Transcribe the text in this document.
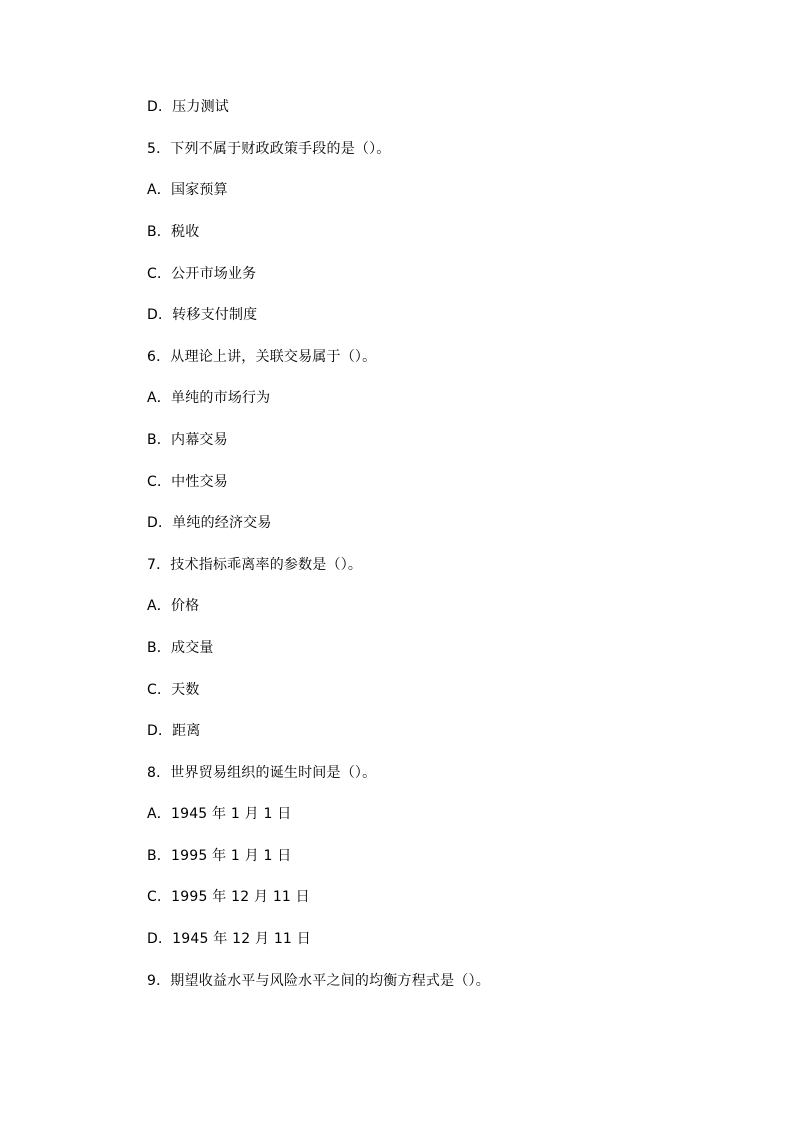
D．压力测试
5．下列不属于财政政策手段的是（）。
A．国家预算
B．税收
C．公开市场业务
D．转移支付制度
6．从理论上讲，关联交易属于（）。
A．单纯的市场行为
B．内幕交易
C．中性交易
D．单纯的经济交易
7．技术指标乖离率的参数是（）。
A．价格
B．成交量
C．天数
D．距离
8．世界贸易组织的诞生时间是（）。
A．1945 年 1 月 1 日
B．1995 年 1 月 1 日
C．1995 年 12 月 11 日
D．1945 年 12 月 11 日
9．期望收益水平与风险水平之间的均衡方程式是（）。
